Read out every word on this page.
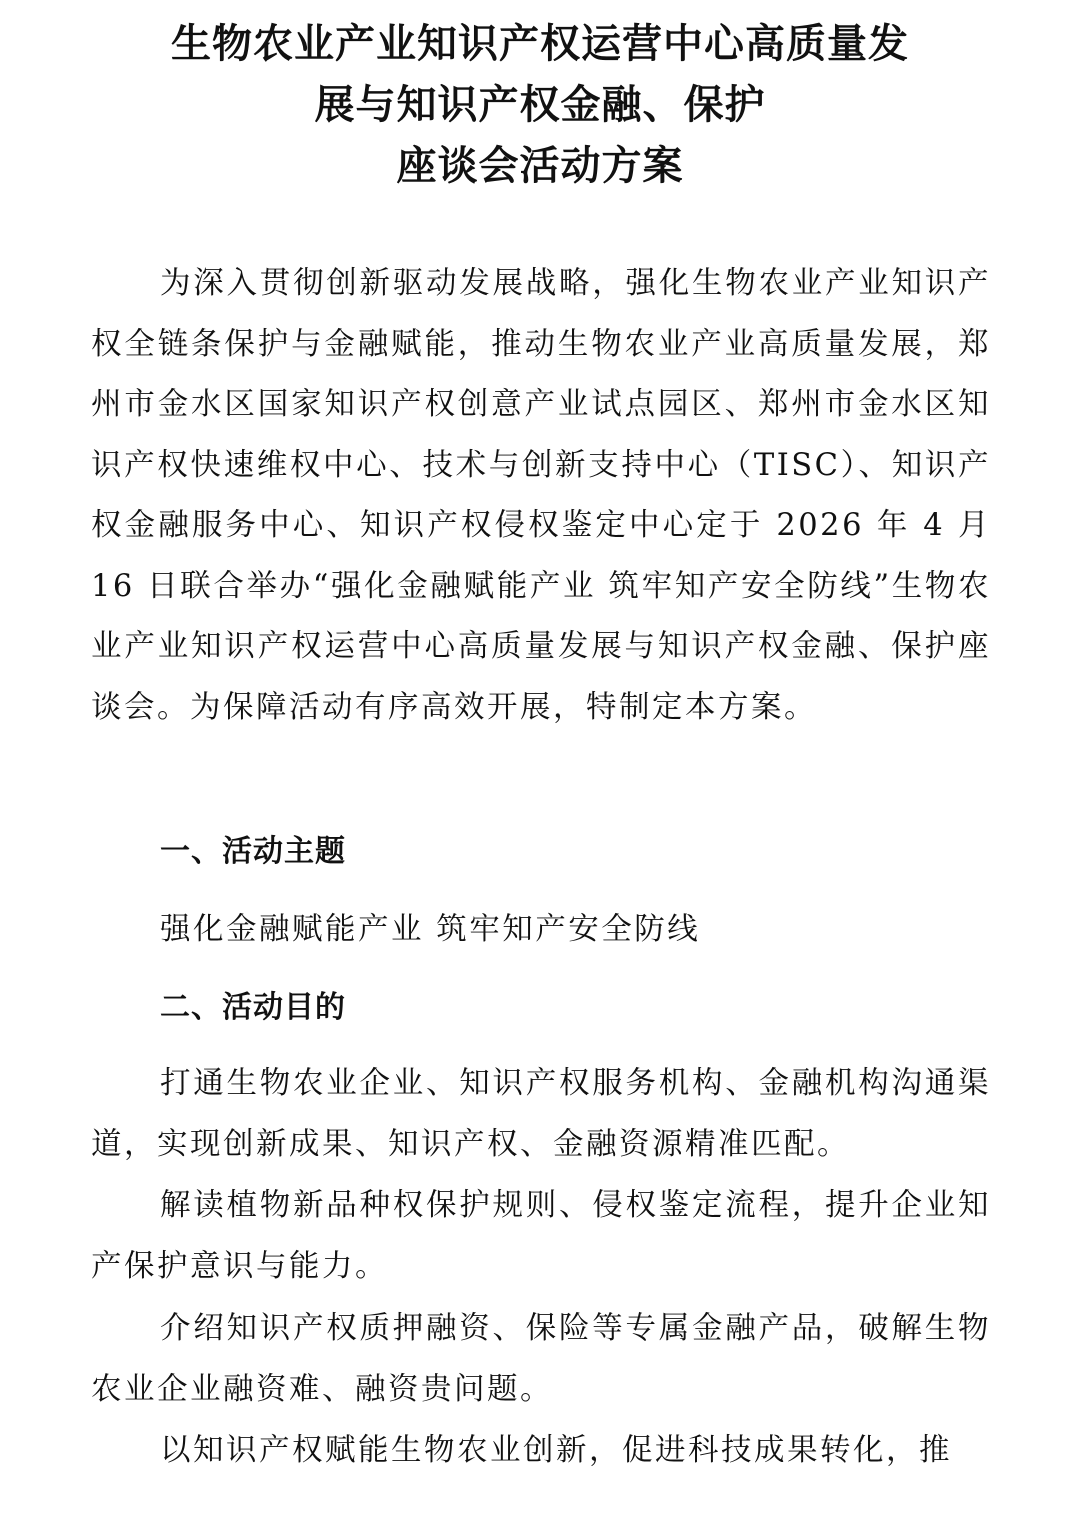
生物农业产业知识产权运营中心高质量发
展与知识产权金融、保护
座谈会活动方案

为深入贯彻创新驱动发展战略，强化生物农业产业知识产权全链条保护与金融赋能，推动生物农业产业高质量发展，郑州市金水区国家知识产权创意产业试点园区、郑州市金水区知识产权快速维权中心、技术与创新支持中心（TISC）、知识产权金融服务中心、知识产权侵权鉴定中心定于 2026 年 4 月 16 日联合举办“强化金融赋能产业 筑牢知产安全防线”生物农业产业知识产权运营中心高质量发展与知识产权金融、保护座谈会。为保障活动有序高效开展，特制定本方案。

一、活动主题
强化金融赋能产业 筑牢知产安全防线
二、活动目的

打通生物农业企业、知识产权服务机构、金融机构沟通渠道，实现创新成果、知识产权、金融资源精准匹配。

解读植物新品种权保护规则、侵权鉴定流程，提升企业知产保护意识与能力。

介绍知识产权质押融资、保险等专属金融产品，破解生物农业企业融资难、融资贵问题。

以知识产权赋能生物农业创新，促进科技成果转化，推
